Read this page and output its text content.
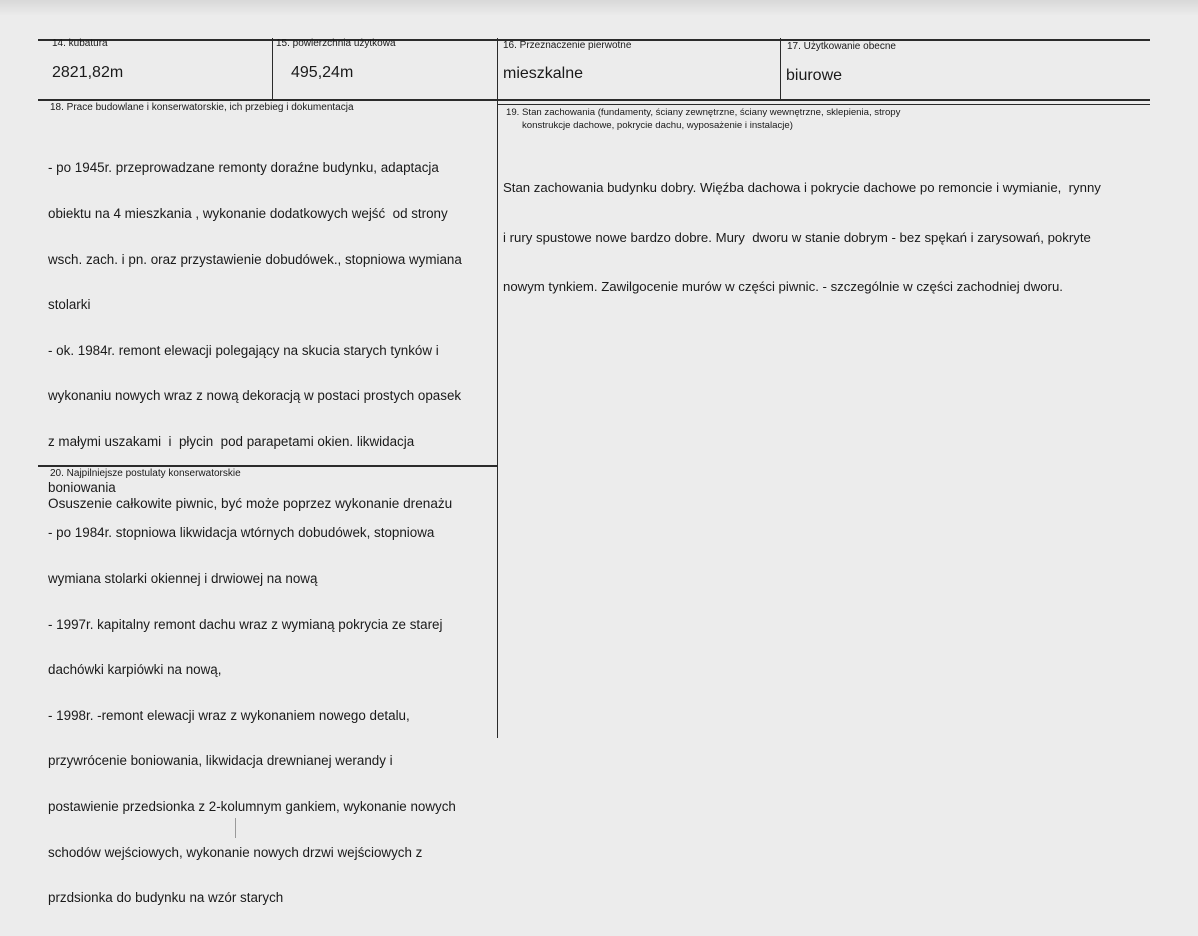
14. kubatura
2821,82m
15. powierzchnia użytkowa
495,24m
16. Przeznaczenie pierwotne
mieszkalne
17. Użytkowanie obecne
biurowe
18. Prace budowlane i konserwatorskie, ich przebieg i dokumentacja

- po 1945r. przeprowadzane remonty doraźne budynku, adaptacja

obiektu na 4 mieszkania , wykonanie dodatkowych wejść  od strony

wsch. zach. i pn. oraz przystawienie dobudówek., stopniowa wymiana

stolarki

- ok. 1984r. remont elewacji polegający na skucia starych tynków i

wykonaniu nowych wraz z nową dekoracją w postaci prostych opasek

z małymi uszakami  i  płycin  pod parapetami okien. likwidacja

boniowania

- po 1984r. stopniowa likwidacja wtórnych dobudówek, stopniowa

wymiana stolarki okiennej i drwiowej na nową

- 1997r. kapitalny remont dachu wraz z wymianą pokrycia ze starej

dachówki karpiówki na nową,

- 1998r. -remont elewacji wraz z wykonaniem nowego detalu,

przywrócenie boniowania, likwidacja drewnianej werandy i

postawienie przedsionka z 2-kolumnym gankiem, wykonanie nowych

schodów wejściowych, wykonanie nowych drzwi wejściowych z

przdsionka do budynku na wzór starych

19. Stan zachowania (fundamenty, ściany zewnętrzne, ściany wewnętrzne, sklepienia, stropy
konstrukcje dachowe, pokrycie dachu, wyposażenie i instalacje)

Stan zachowania budynku dobry. Więźba dachowa i pokrycie dachowe po remoncie i wymianie,  rynny

i rury spustowe nowe bardzo dobre. Mury  dworu w stanie dobrym - bez spękań i zarysowań, pokryte

nowym tynkiem. Zawilgocenie murów w części piwnic. - szczególnie w części zachodniej dworu.

20. Najpilniejsze postulaty konserwatorskie
Osuszenie całkowite piwnic, być może poprzez wykonanie drenażu
